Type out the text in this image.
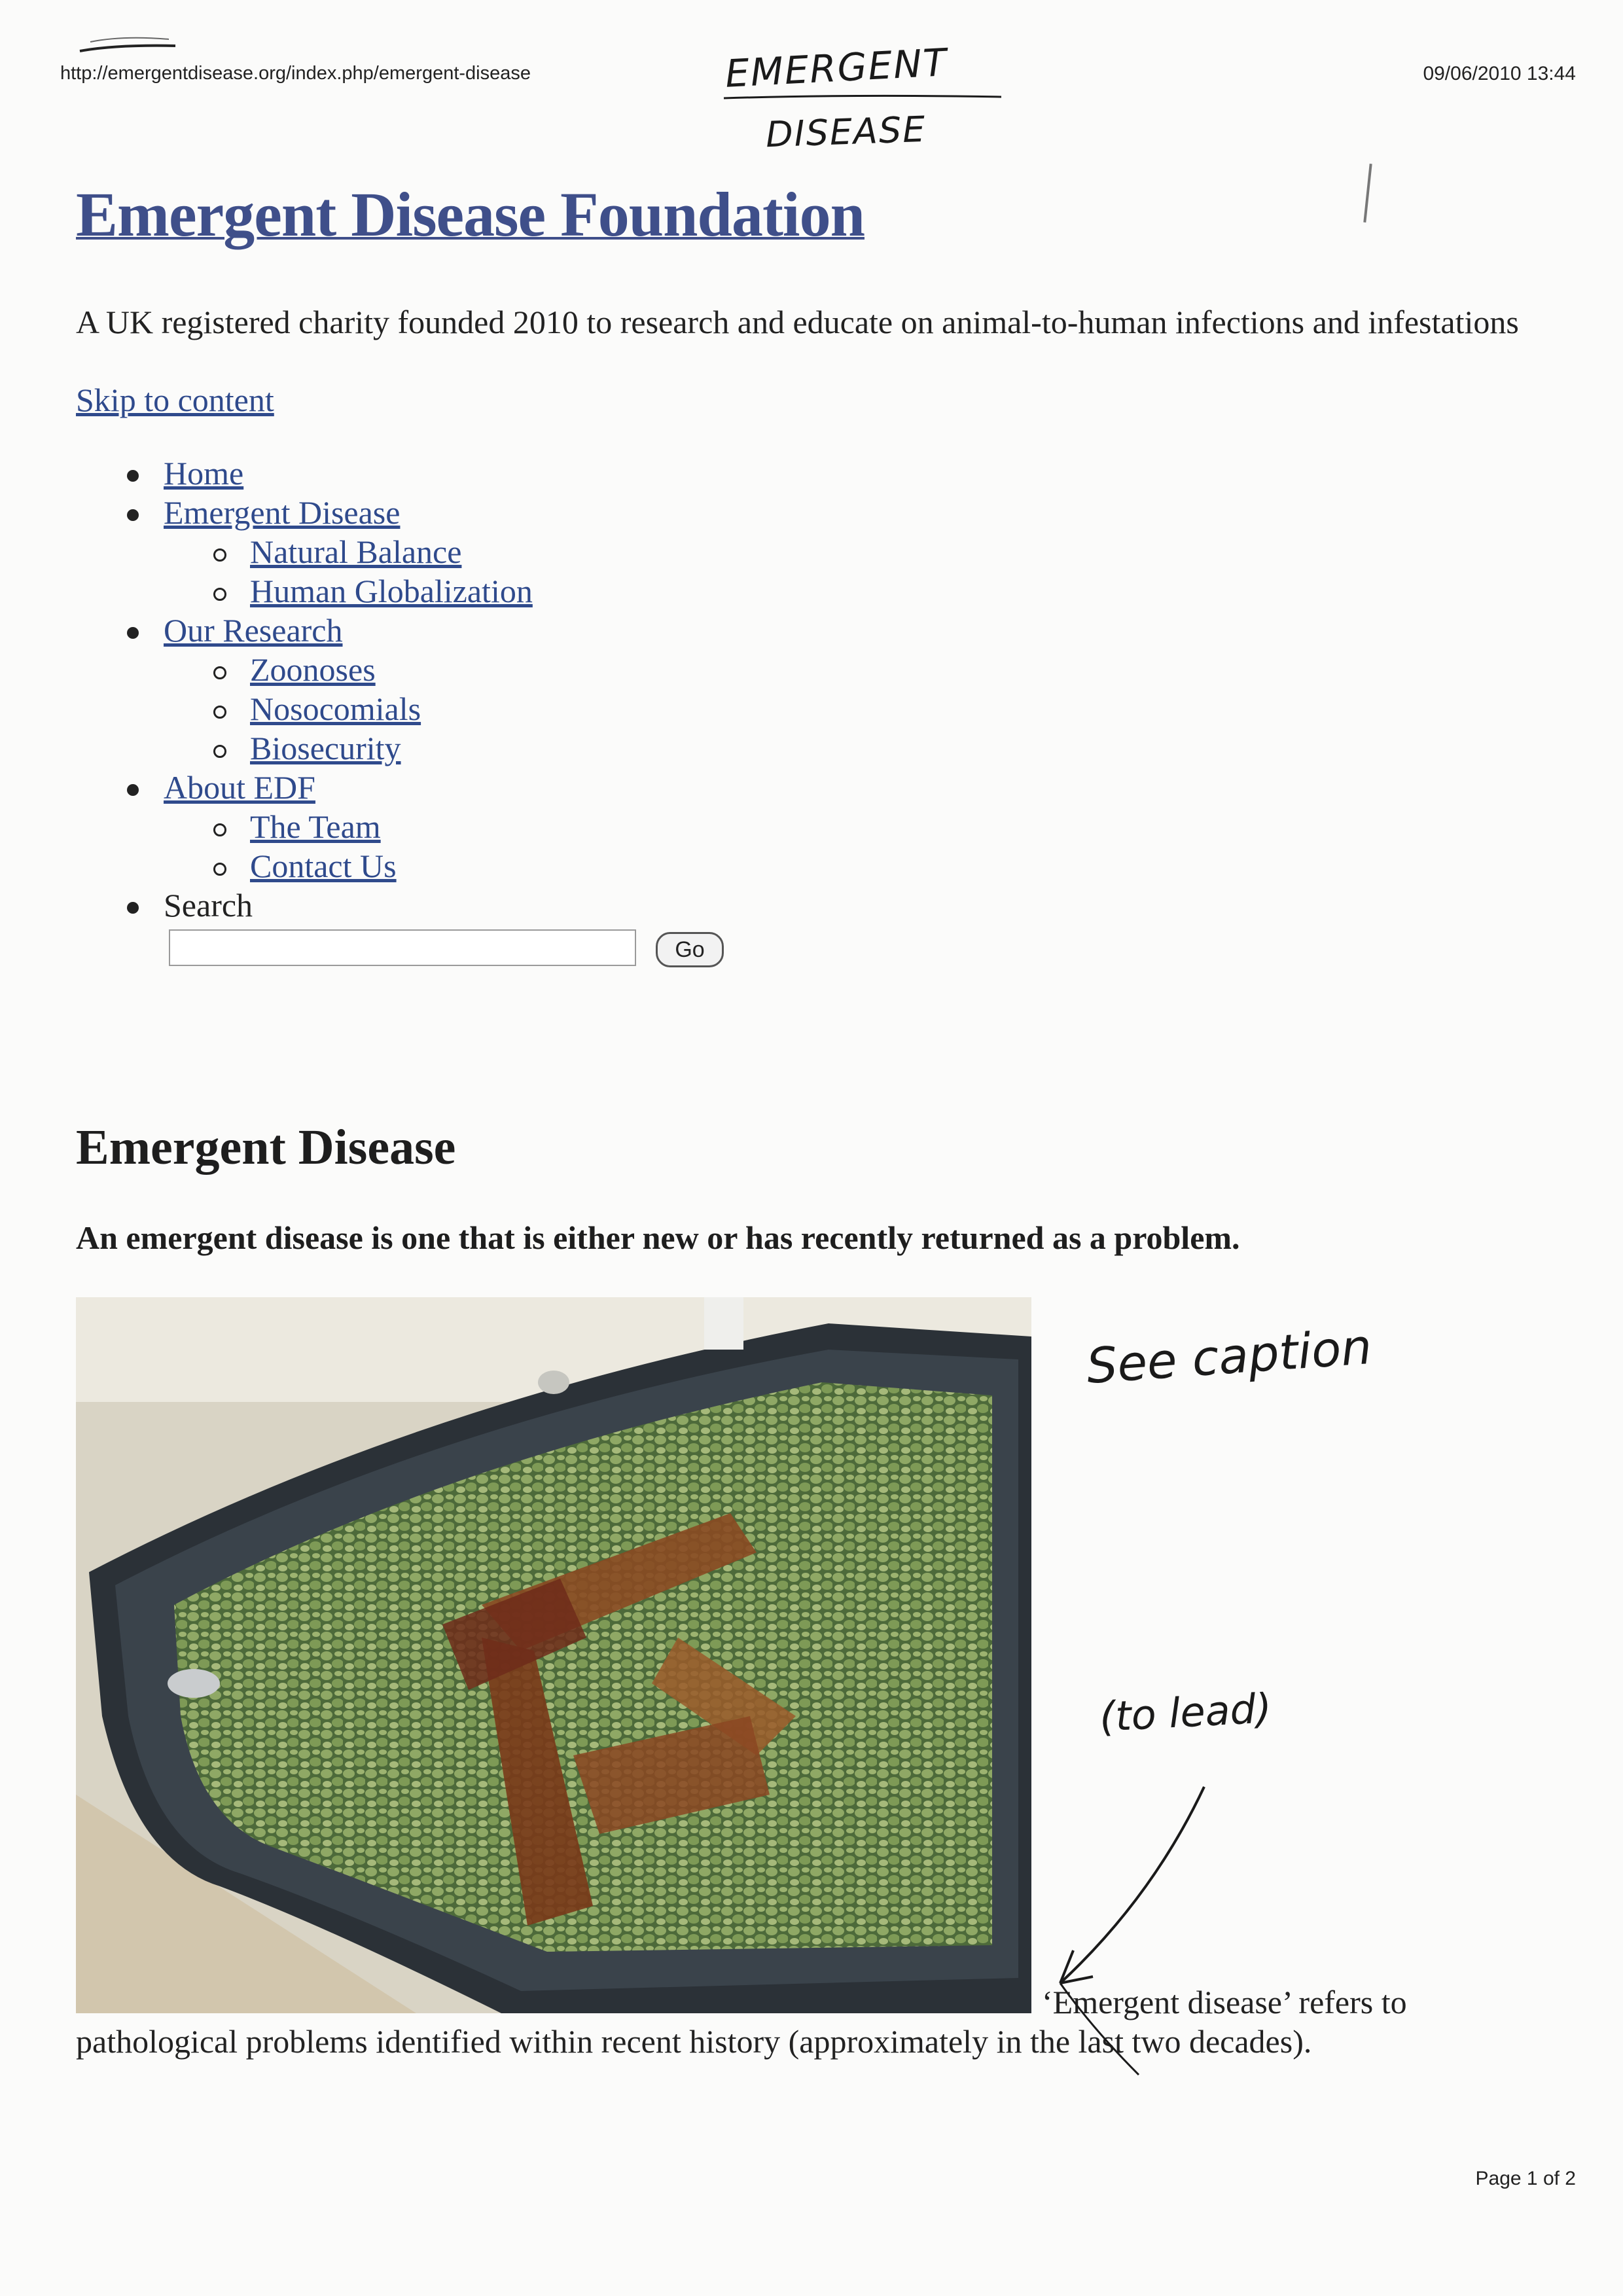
http://emergentdisease.org/index.php/emergent-disease	09/06/2010 13:44
Page 1 of 2
EMERGENT
DISEASE
Emergent Disease Foundation
A UK registered charity founded 2010 to research and educate on animal-to-human infections and infestations
Skip to content
Home
Emergent Disease
Natural Balance
Human Globalization
Our Research
Zoonoses
Nosocomials
Biosecurity
About EDF
The Team
Contact Us
Search
Go
Emergent Disease
An emergent disease is one that is either new or has recently returned as a problem.
‘Emergent disease’ refers to
pathological problems identified within recent history (approximately in the last two decades).
See caption
(to lead)
